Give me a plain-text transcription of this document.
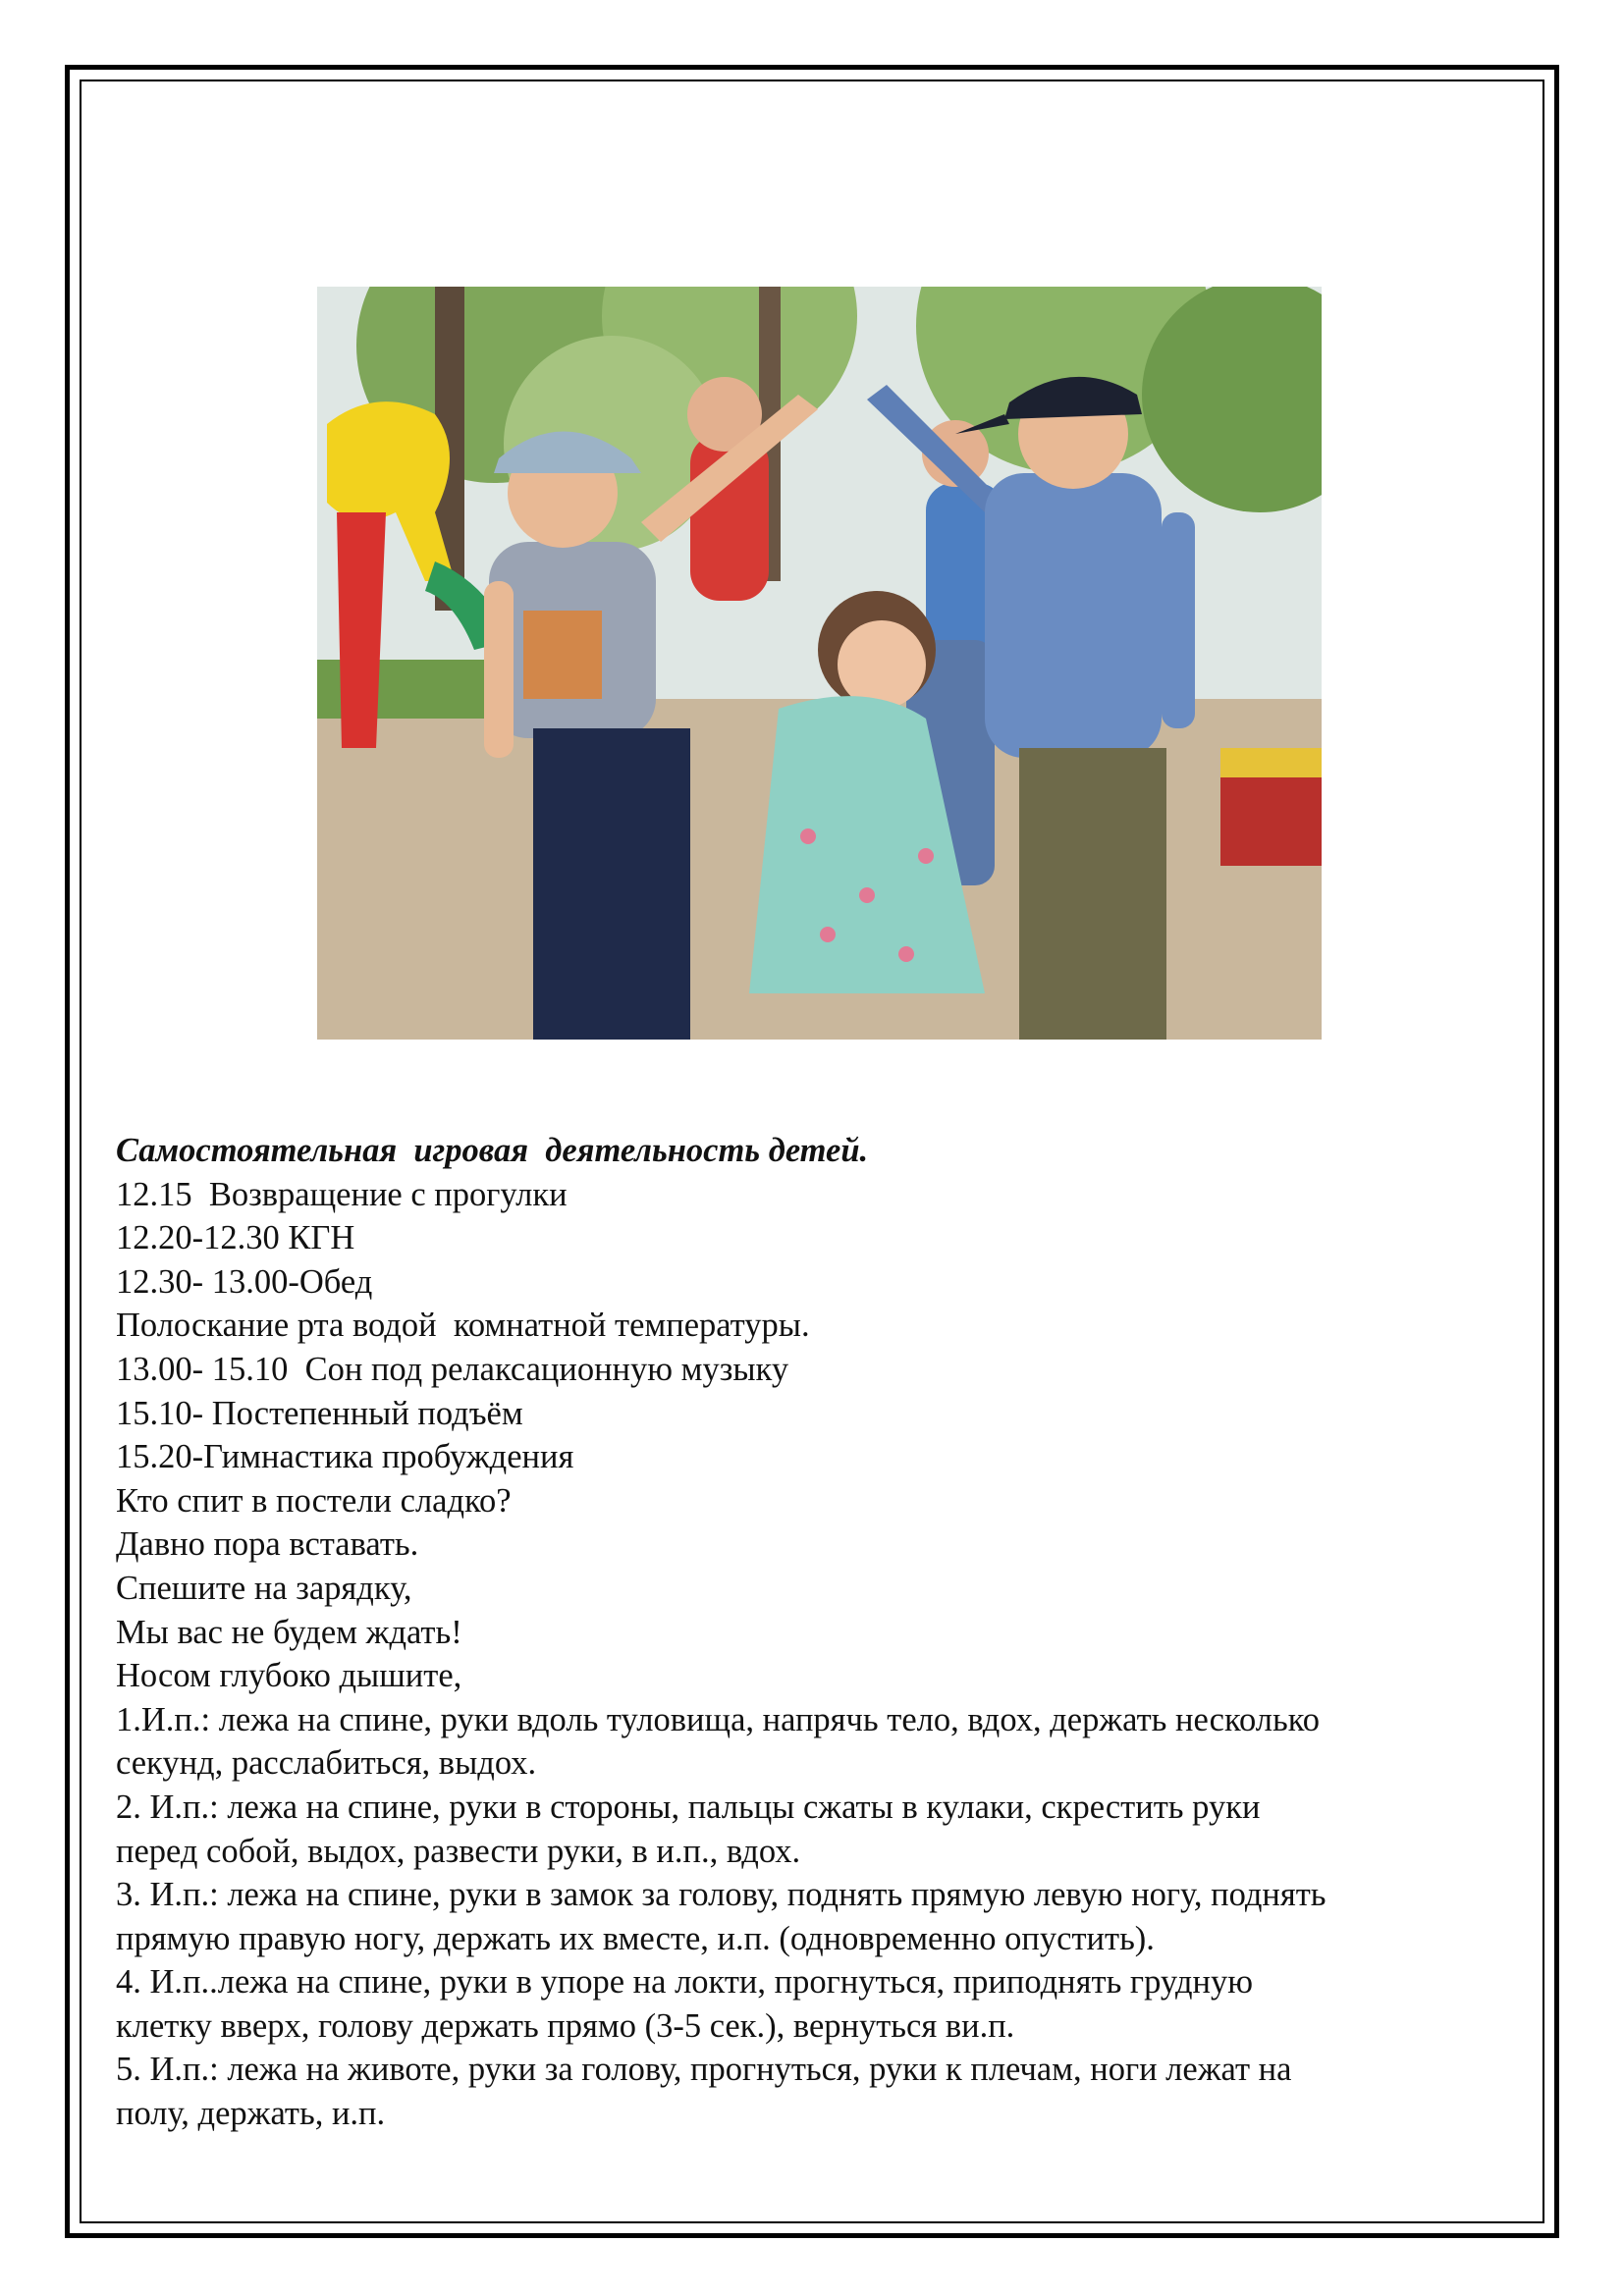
Самостоятельная  игровая  деятельность детей.
12.15  Возвращение с прогулки
12.20-12.30 КГН
12.30- 13.00-Обед
Полоскание рта водой  комнатной температуры.
13.00- 15.10  Сон под релаксационную музыку
15.10- Постепенный подъём
15.20-Гимнастика пробуждения
Кто спит в постели сладко?
Давно пора вставать.
Спешите на зарядку,
Мы вас не будем ждать!
Носом глубоко дышите,
1.И.п.: лежа на спине, руки вдоль туловища, напрячь тело, вдох, держать несколько
секунд, расслабиться, выдох.
2. И.п.: лежа на спине, руки в стороны, пальцы сжаты в кулаки, скрестить руки
перед собой, выдох, развести руки, в и.п., вдох.
3. И.п.: лежа на спине, руки в замок за голову, поднять прямую левую ногу, поднять
прямую правую ногу, держать их вместе, и.п. (одновременно опустить).
4. И.п..лежа на спине, руки в упоре на локти, прогнуться, приподнять грудную
клетку вверх, голову держать прямо (3-5 сек.), вернуться ви.п.
5. И.п.: лежа на животе, руки за голову, прогнуться, руки к плечам, ноги лежат на
полу, держать, и.п.
